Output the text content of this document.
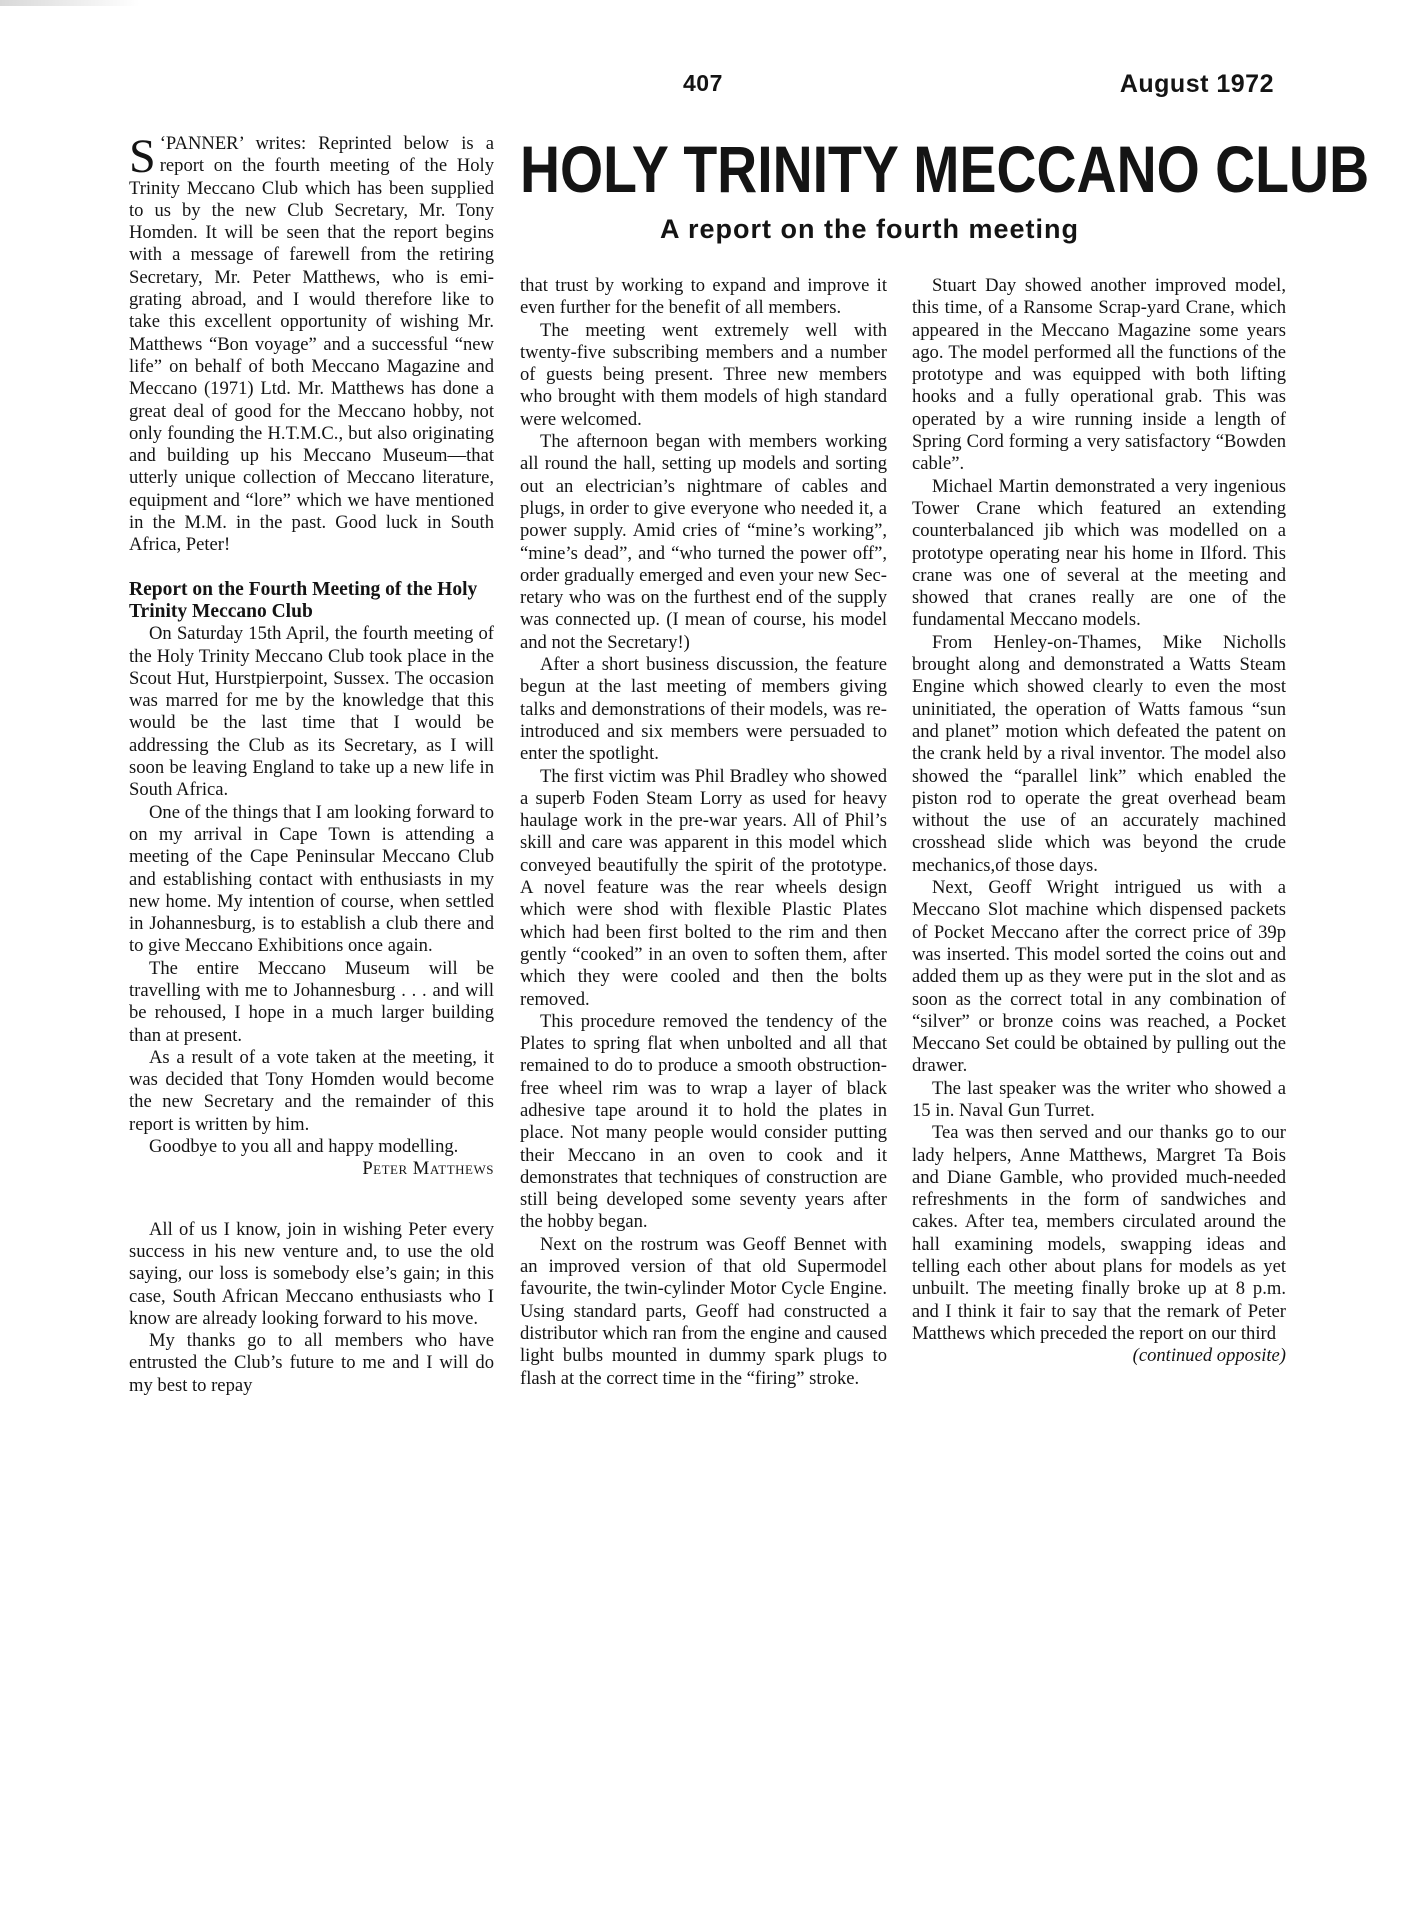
407	August 1972
HOLY TRINITY MECCANO CLUB
A report on the fourth meeting

‘
S PANNER’ writes: Reprinted below is a report on the fourth meeting of the Holy Trinity Meccano Club which has been supplied to us by the new Club Secretary, Mr. Tony Homden. It will be seen that the report begins with a message of farewell from the retiring Secretary, Mr. Peter Matthews, who is emigrating abroad, and I would therefore like to take this excellent opportunity of wishing Mr. Matthews “Bon voyage” and a successful “new life” on behalf of both Meccano Magazine and Meccano (1971) Ltd. Mr. Matthews has done a great deal of good for the Meccano hobby, not only founding the H.T.M.C., but also originating and building up his Meccano Museum—that utterly unique collection of Meccano literature, equipment and “lore” which we have mentioned in the M.M. in the past. Good luck in South Africa, Peter!

Report on the Fourth Meeting of the Holy Trinity Meccano Club

On Saturday 15th April, the fourth meeting of the Holy Trinity Meccano Club took place in the Scout Hut, Hurstpierpoint, Sussex. The occasion was marred for me by the knowledge that this would be the last time that I would be addressing the Club as its Secretary, as I will soon be leaving England to take up a new life in South Africa.

One of the things that I am looking forward to on my arrival in Cape Town is attending a meeting of the Cape Peninsular Meccano Club and establishing contact with enthusiasts in my new home. My intention of course, when settled in Johannesburg, is to establish a club there and to give Meccano Exhibitions once again.

The entire Meccano Museum will be travelling with me to Johannesburg . . . and will be rehoused, I hope in a much larger building than at present.

As a result of a vote taken at the meeting, it was decided that Tony Homden would become the new Secretary and the remainder of this report is written by him.

Goodbye to you all and happy modelling.

Peter Matthews

All of us I know, join in wishing Peter every success in his new venture and, to use the old saying, our loss is somebody else’s gain; in this case, South African Meccano enthusiasts who I know are already looking forward to his move.

My thanks go to all members who have entrusted the Club’s future to me and I will do my best to repay

that trust by working to expand and improve it even further for the benefit of all members.

The meeting went extremely well with twenty-five subscribing members and a number of guests being present. Three new members who brought with them models of high standard were welcomed.

The afternoon began with members working all round the hall, setting up models and sorting out an electrician’s nightmare of cables and plugs, in order to give everyone who needed it, a power supply. Amid cries of “mine’s working”, “mine’s dead”, and “who turned the power off”, order gradually emerged and even your new Secretary who was on the furthest end of the supply was connected up. (I mean of course, his model and not the Secretary!)

After a short business discussion, the feature begun at the last meeting of members giving talks and demonstrations of their models, was reintroduced and six members were persuaded to enter the spotlight.

The first victim was Phil Bradley who showed a superb Foden Steam Lorry as used for heavy haulage work in the pre-war years. All of Phil’s skill and care was apparent in this model which conveyed beautifully the spirit of the prototype. A novel feature was the rear wheels design which were shod with flexible Plastic Plates which had been first bolted to the rim and then gently “cooked” in an oven to soften them, after which they were cooled and then the bolts removed.

This procedure removed the tendency of the Plates to spring flat when unbolted and all that remained to do to produce a smooth obstruction-free wheel rim was to wrap a layer of black adhesive tape around it to hold the plates in place. Not many people would consider putting their Meccano in an oven to cook and it demonstrates that techniques of construction are still being developed some seventy years after the hobby began.

Next on the rostrum was Geoff Bennet with an improved version of that old Supermodel favourite, the twin-cylinder Motor Cycle Engine. Using standard parts, Geoff had constructed a distributor which ran from the engine and caused light bulbs mounted in dummy spark plugs to flash at the correct time in the “firing” stroke.

Stuart Day showed another improved model, this time, of a Ransome Scrap-yard Crane, which appeared in the Meccano Magazine some years ago. The model performed all the functions of the prototype and was equipped with both lifting hooks and a fully operational grab. This was operated by a wire running inside a length of Spring Cord forming a very satisfactory “Bowden cable”.

Michael Martin demonstrated a very ingenious Tower Crane which featured an extending counterbalanced jib which was modelled on a prototype operating near his home in Ilford. This crane was one of several at the meeting and showed that cranes really are one of the fundamental Meccano models.

From Henley-on-Thames, Mike Nicholls brought along and demonstrated a Watts Steam Engine which showed clearly to even the most uninitiated, the operation of Watts famous “sun and planet” motion which defeated the patent on the crank held by a rival inventor. The model also showed the “parallel link” which enabled the piston rod to operate the great overhead beam without the use of an accurately machined crosshead slide which was beyond the crude mechanics,of those days.

Next, Geoff Wright intrigued us with a Meccano Slot machine which dispensed packets of Pocket Meccano after the correct price of 39p was inserted. This model sorted the coins out and added them up as they were put in the slot and as soon as the correct total in any combination of “silver” or bronze coins was reached, a Pocket Meccano Set could be obtained by pulling out the drawer.

The last speaker was the writer who showed a 15 in. Naval Gun Turret.

Tea was then served and our thanks go to our lady helpers, Anne Matthews, Margret Ta Bois and Diane Gamble, who provided much-needed refreshments in the form of sandwiches and cakes. After tea, members circulated around the hall examining models, swapping ideas and telling each other about plans for models as yet unbuilt. The meeting finally broke up at 8 p.m. and I think it fair to say that the remark of Peter Matthews which preceded the report on our third

(continued opposite)
